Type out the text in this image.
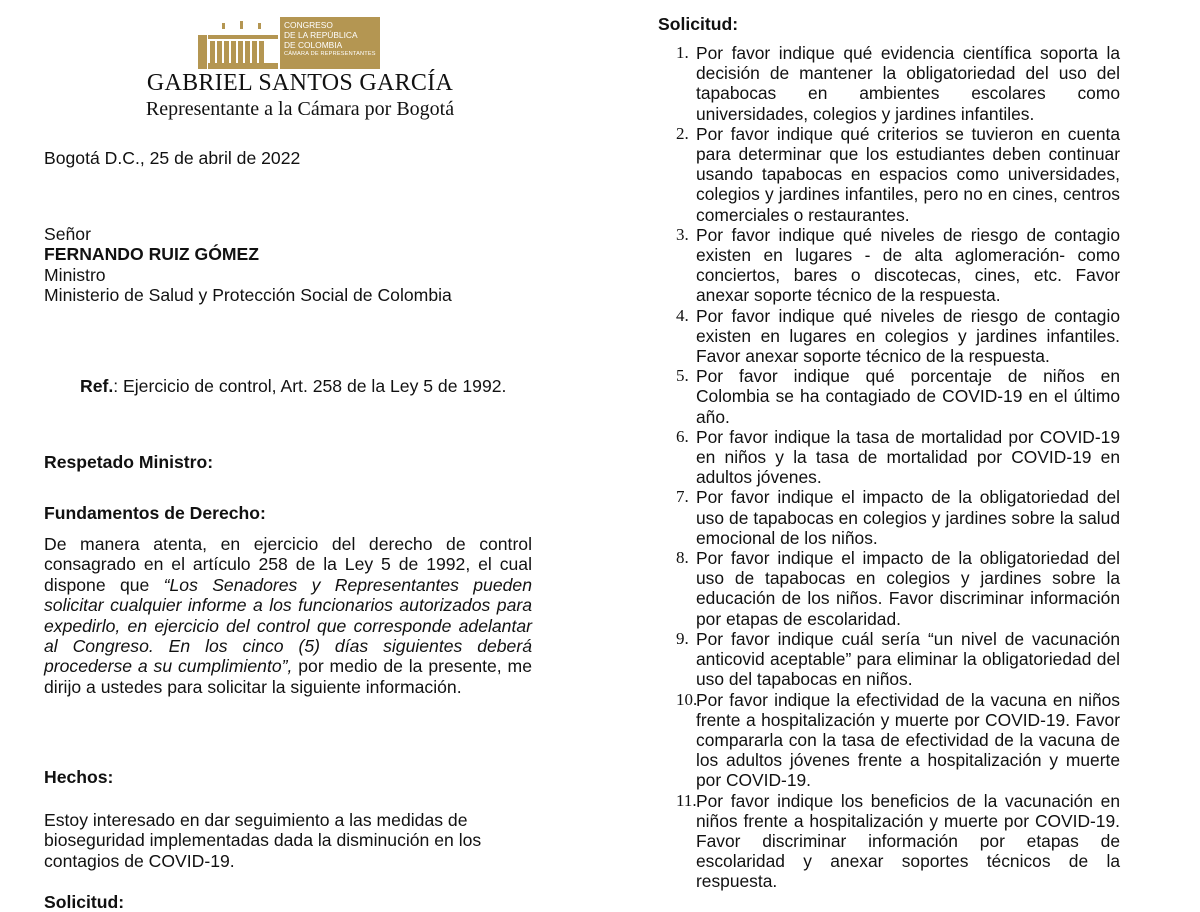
CONGRESO
DE LA REPÚBLICA
DE COLOMBIA
CÁMARA DE REPRESENTANTES
GABRIEL SANTOS GARCÍA
Representante a la Cámara por Bogotá
Bogotá D.C., 25 de abril de 2022
Señor
FERNANDO RUIZ GÓMEZ
Ministro
Ministerio de Salud y Protección Social de Colombia
Ref.: Ejercicio de control, Art. 258 de la Ley 5 de 1992.
Respetado Ministro:
Fundamentos de Derecho:
De manera atenta, en ejercicio del derecho de control consagrado en el artículo 258 de la Ley 5 de 1992, el cual dispone que “Los Senadores y Representantes pueden solicitar cualquier informe a los funcionarios autorizados para expedirlo, en ejercicio del control que corresponde adelantar al Congreso. En los cinco (5) días siguientes deberá procederse a su cumplimiento”, por medio de la presente, me dirijo a ustedes para solicitar la siguiente información.
Hechos:
Estoy interesado en dar seguimiento a las medidas de bioseguridad implementadas dada la disminución en los contagios de COVID-19.
Solicitud:
Solicitud:
1. Por favor indique qué evidencia científica soporta la decisión de mantener la obligatoriedad del uso del tapabocas en ambientes escolares como universidades, colegios y jardines infantiles.
2. Por favor indique qué criterios se tuvieron en cuenta para determinar que los estudiantes deben continuar usando tapabocas en espacios como universidades, colegios y jardines infantiles, pero no en cines, centros comerciales o restaurantes.
3. Por favor indique qué niveles de riesgo de contagio existen en lugares - de alta aglomeración- como conciertos, bares o discotecas, cines, etc. Favor anexar soporte técnico de la respuesta.
4. Por favor indique qué niveles de riesgo de contagio existen en lugares en colegios y jardines infantiles. Favor anexar soporte técnico de la respuesta.
5. Por favor indique qué porcentaje de niños en Colombia se ha contagiado de COVID-19 en el último año.
6. Por favor indique la tasa de mortalidad por COVID-19 en niños y la tasa de mortalidad por COVID-19 en adultos jóvenes.
7. Por favor indique el impacto de la obligatoriedad del uso de tapabocas en colegios y jardines sobre la salud emocional de los niños.
8. Por favor indique el impacto de la obligatoriedad del uso de tapabocas en colegios y jardines sobre la educación de los niños. Favor discriminar información por etapas de escolaridad.
9. Por favor indique cuál sería “un nivel de vacunación anticovid aceptable” para eliminar la obligatoriedad del uso del tapabocas en niños.
10.
Por favor indique la efectividad de la vacuna en niños frente a hospitalización y muerte por COVID-19. Favor compararla con la tasa de efectividad de la vacuna de los adultos jóvenes frente a hospitalización y muerte por COVID-19.
11. Por favor indique los beneficios de la vacunación en niños frente a hospitalización y muerte por COVID-19. Favor discriminar información por etapas de escolaridad y anexar soportes técnicos de la respuesta.
